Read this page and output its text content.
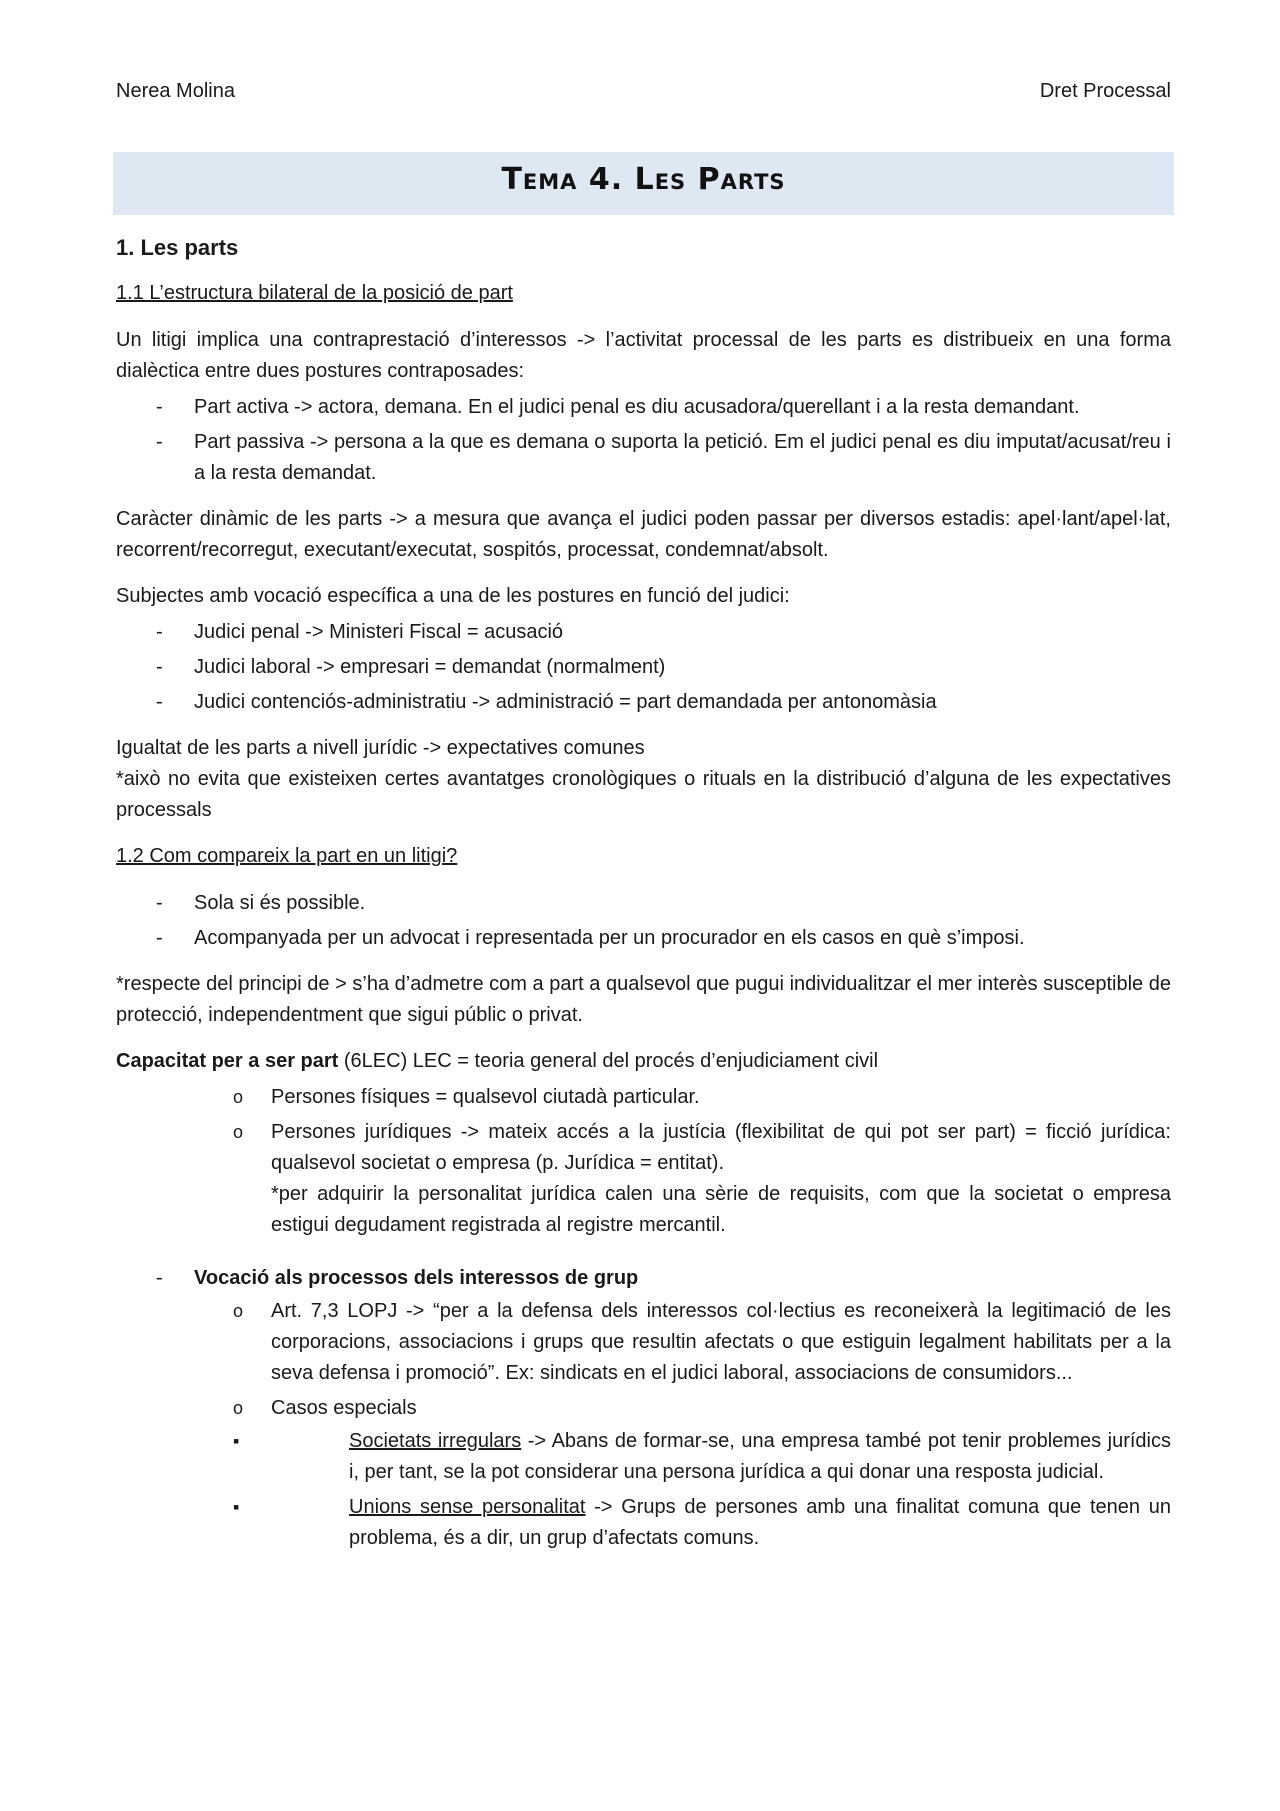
Nerea Molina	Dret Processal
Tema 4. Les Parts
1. Les parts
1.1 L’estructura bilateral de la posició de part

Un litigi implica una contraprestació d’interessos -> l’activitat processal de les parts es distribueix en una forma dialèctica entre dues postures contraposades:

- Part activa -> actora, demana. En el judici penal es diu acusadora/querellant i a la resta demandant.
- Part passiva -> persona a la que es demana o suporta la petició. Em el judici penal es diu imputat/acusat/reu i a la resta demandat.

Caràcter dinàmic de les parts -> a mesura que avança el judici poden passar per diversos estadis: apel·lant/apel·lat, recorrent/recorregut, executant/executat, sospitós, processat, condemnat/absolt.

Subjectes amb vocació específica a una de les postures en funció del judici:

- Judici penal -> Ministeri Fiscal = acusació
- Judici laboral -> empresari = demandat (normalment)
- Judici contenciós-administratiu -> administració = part demandada per antonomàsia

Igualtat de les parts a nivell jurídic -> expectatives comunes
*això no evita que existeixen certes avantatges cronològiques o rituals en la distribució d’alguna de les expectatives processals

1.2 Com compareix la part en un litigi?
- Sola si és possible.
- Acompanyada per un advocat i representada per un procurador en els casos en què s’imposi.

*respecte del principi de > s’ha d’admetre com a part a qualsevol que pugui individualitzar el mer interès susceptible de protecció, independentment que sigui públic o privat.

Capacitat per a ser part (6LEC) LEC = teoria general del procés d’enjudiciament civil

o Persones físiques = qualsevol ciutadà particular.
o Persones jurídiques -> mateix accés a la justícia (flexibilitat de qui pot ser part) = ficció jurídica: qualsevol societat o empresa (p. Jurídica = entitat).
*per adquirir la personalitat jurídica calen una sèrie de requisits, com que la societat o empresa estigui degudament registrada al registre mercantil.
- Vocació als processos dels interessos de grup
o Art. 7,3 LOPJ -> “per a la defensa dels interessos col·lectius es reconeixerà la legitimació de les corporacions, associacions i grups que resultin afectats o que estiguin legalment habilitats per a la seva defensa i promoció”. Ex: sindicats en el judici laboral, associacions de consumidors...
o Casos especials
▪	Societats irregulars -> Abans de formar-se, una empresa també pot tenir problemes jurídics i, per tant, se la pot considerar una persona jurídica a qui donar una resposta judicial.
▪	Unions sense personalitat -> Grups de persones amb una finalitat comuna que tenen un problema, és a dir, un grup d’afectats comuns.
